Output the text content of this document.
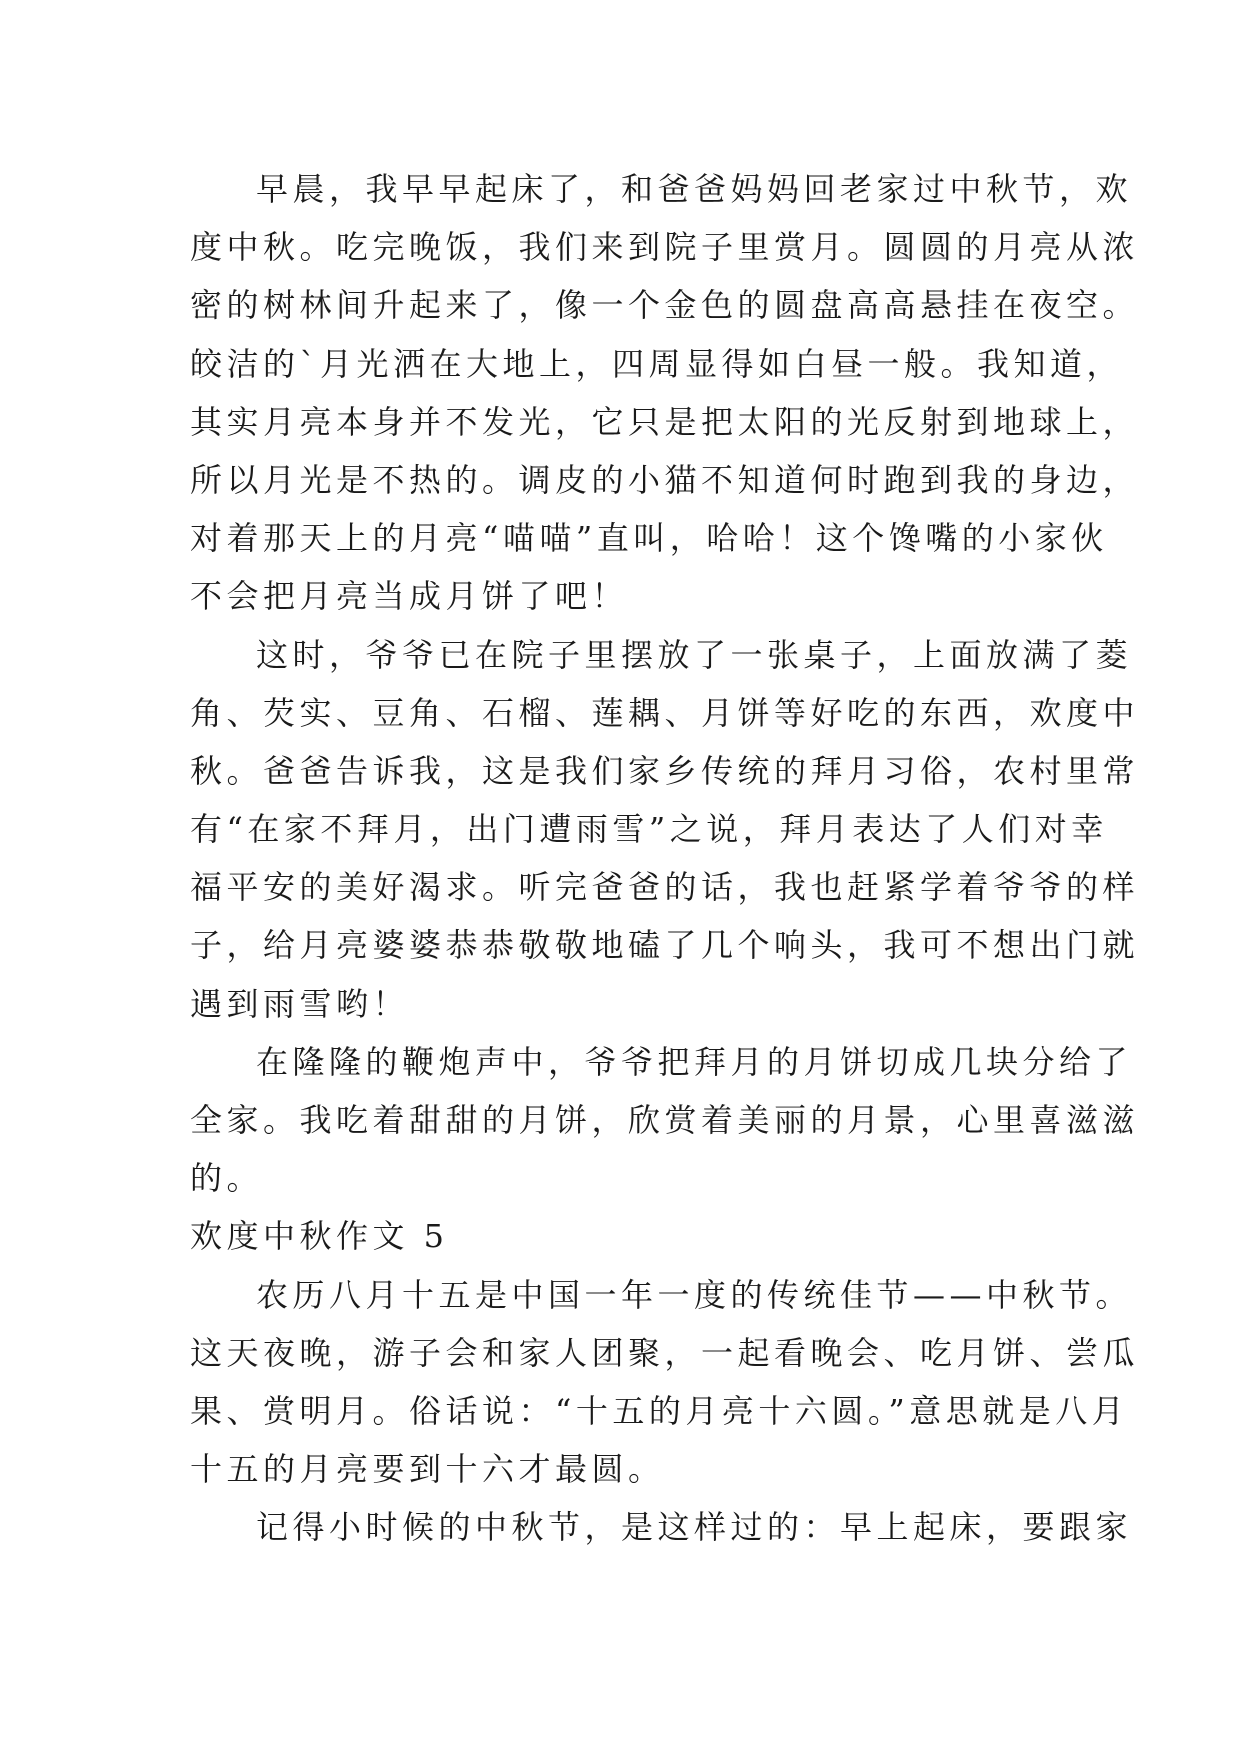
早晨，我早早起床了，和爸爸妈妈回老家过中秋节，欢
度中秋。吃完晚饭，我们来到院子里赏月。圆圆的月亮从浓
密的树林间升起来了，像一个金色的圆盘高高悬挂在夜空。
皎洁的`月光洒在大地上，四周显得如白昼一般。我知道，
其实月亮本身并不发光，它只是把太阳的光反射到地球上，
所以月光是不热的。调皮的小猫不知道何时跑到我的身边，
对着那天上的月亮“喵喵”直叫，哈哈！这个馋嘴的小家伙
不会把月亮当成月饼了吧！
这时，爷爷已在院子里摆放了一张桌子，上面放满了菱
角、芡实、豆角、石榴、莲耦、月饼等好吃的东西，欢度中
秋。爸爸告诉我，这是我们家乡传统的拜月习俗，农村里常
有“在家不拜月，出门遭雨雪”之说，拜月表达了人们对幸
福平安的美好渴求。听完爸爸的话，我也赶紧学着爷爷的样
子，给月亮婆婆恭恭敬敬地磕了几个响头，我可不想出门就
遇到雨雪哟！
在隆隆的鞭炮声中，爷爷把拜月的月饼切成几块分给了
全家。我吃着甜甜的月饼，欣赏着美丽的月景，心里喜滋滋
的。
欢度中秋作文 5
农历八月十五是中国一年一度的传统佳节——中秋节。
这天夜晚，游子会和家人团聚，一起看晚会、吃月饼、尝瓜
果、赏明月。俗话说：“十五的月亮十六圆。”意思就是八月
十五的月亮要到十六才最圆。
记得小时候的中秋节，是这样过的：早上起床，要跟家
